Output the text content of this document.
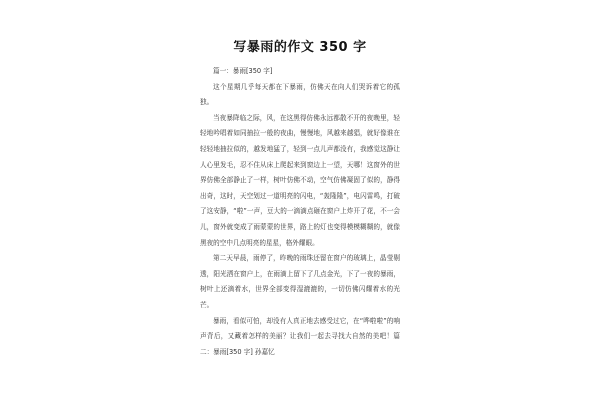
写暴雨的作文 350 字

篇一：暴雨[350 字]

这个星期几乎每天都在下暴雨，仿佛天在向人们哭诉着它的孤独。

当夜暴降临之际，风，在这黑得仿佛永远都散不开的夜晚里，轻轻地吟唱着如同抽拉一般的夜曲，慢慢地，风越来越猖，就好像谁在轻轻地抽拉似的，越发地猛了，轻到一点儿声都没有，我感觉这静让人心里发毛，忍不住从床上爬起来到窗边上一望，天哪！这窗外的世界仿佛全部静止了一样，树叶仿佛不动，空气仿佛凝固了似的，静得出奇，这时，天空划过一道明亮的闪电，“轰隆隆”，电闪雷鸣，打破了这安静，“啦”一声，豆大的一滴滴点砸在窗户上炸开了花，不一会儿，窗外就变成了雨蒙蒙的世界，路上的灯也变得模模糊糊的，就像黑夜的空中几点明亮的星星，格外耀眼。

第二天早晨，雨停了，昨晚的雨珠还留在窗户的玻璃上，晶莹剔透，阳光洒在窗户上，在雨滴上留下了几点金光，下了一夜的暴雨，树叶上还滴着水，世界全部变得湿漉漉的，一切仿佛闪耀着水的光芒。

暴雨，看似可怕，却没有人真正地去感受过它，在“哗啦啦”的响声背后，又藏着怎样的美丽？让我们一起去寻找大自然的美吧！篇二：暴雨[350 字] 孙嘉忆
